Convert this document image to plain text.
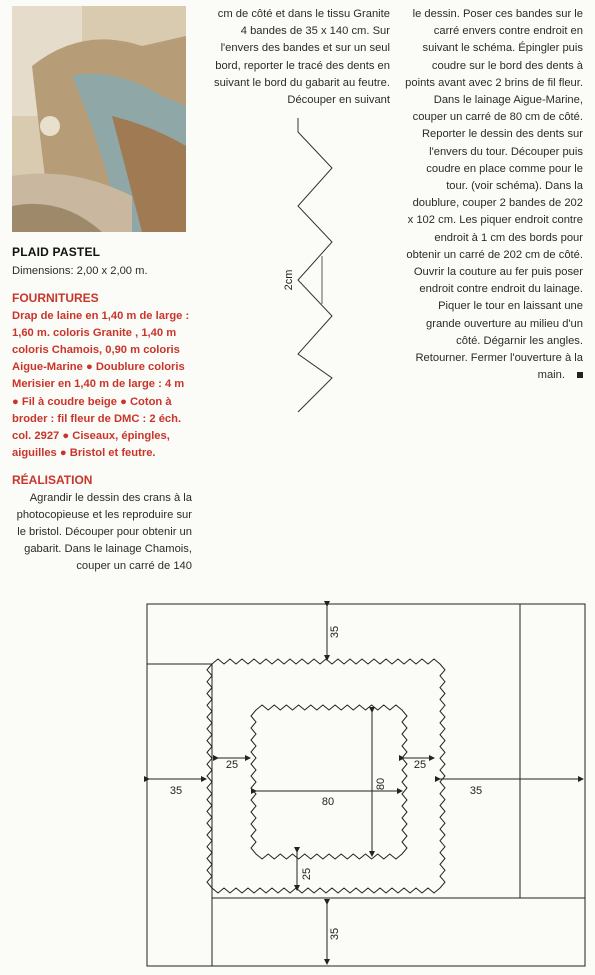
PLAID PASTEL

Dimensions: 2,00 x 2,00 m.

FOURNITURES

Drap de laine en 1,40 m de large : 1,60 m. coloris Granite , 1,40 m coloris Chamois, 0,90 m coloris Aigue-Marine ● Doublure coloris Merisier en 1,40 m de large : 4 m ● Fil à coudre beige ● Coton à broder : fil fleur de DMC : 2 éch. col. 2927 ● Ciseaux, épingles, aiguilles ● Bristol et feutre.

RÉALISATION

Agrandir le dessin des crans à la photocopieuse et les reproduire sur le bristol. Découper pour obtenir un gabarit. Dans le lainage Chamois, couper un carré de 140

cm de côté et dans le tissu Granite 4 bandes de 35 x 140 cm. Sur l'envers des bandes et sur un seul bord, reporter le tracé des dents en suivant le bord du gabarit au feutre. Découper en suivant

2cm

le dessin. Poser ces bandes sur le carré envers contre endroit en suivant le schéma. Épingler puis coudre sur le bord des dents à points avant avec 2 brins de fil fleur. Dans le lainage Aigue-Marine, couper un carré de 80 cm de côté. Reporter le dessin des dents sur l'envers du tour. Découper puis coudre en place comme pour le tour. (voir schéma). Dans la doublure, couper 2 bandes de 202 x 102 cm. Les piquer endroit contre endroit à 1 cm des bords pour obtenir un carré de 202 cm de côté. Ouvrir la couture au fer puis poser endroit contre endroit du lainage. Piquer le tour en laissant une grande ouverture au milieu d'un côté. Dégarnir les angles. Retourner. Fermer l'ouverture à la main.

35
35
35	35
25	25
25
80
80
